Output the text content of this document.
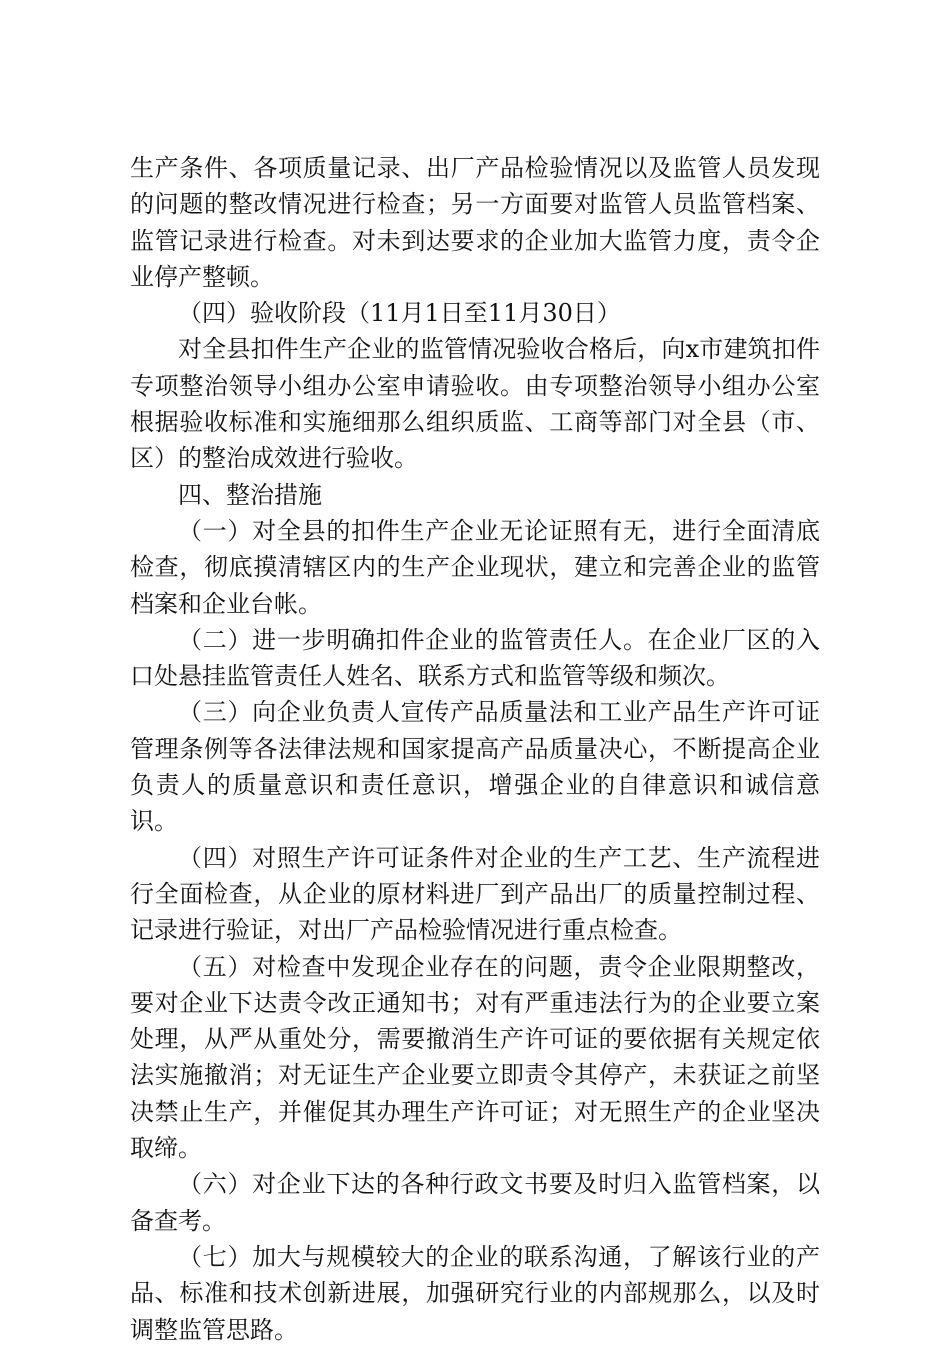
生产条件、各项质量记录、出厂产品检验情况以及监管人员发现的问题的整改情况进行检查；另一方面要对监管人员监管档案、监管记录进行检查。对未到达要求的企业加大监管力度，责令企业停产整顿。

（四）验收阶段（11月1日至11月30日）

对全县扣件生产企业的监管情况验收合格后，向x市建筑扣件专项整治领导小组办公室申请验收。由专项整治领导小组办公室根据验收标准和实施细那么组织质监、工商等部门对全县（市、区）的整治成效进行验收。

四、整治措施

（一）对全县的扣件生产企业无论证照有无，进行全面清底检查，彻底摸清辖区内的生产企业现状，建立和完善企业的监管档案和企业台帐。

（二）进一步明确扣件企业的监管责任人。在企业厂区的入口处悬挂监管责任人姓名、联系方式和监管等级和频次。

（三）向企业负责人宣传产品质量法和工业产品生产许可证管理条例等各法律法规和国家提高产品质量决心，不断提高企业负责人的质量意识和责任意识，增强企业的自律意识和诚信意识。

（四）对照生产许可证条件对企业的生产工艺、生产流程进行全面检查，从企业的原材料进厂到产品出厂的质量控制过程、记录进行验证，对出厂产品检验情况进行重点检查。

（五）对检查中发现企业存在的问题，责令企业限期整改，要对企业下达责令改正通知书；对有严重违法行为的企业要立案处理，从严从重处分，需要撤消生产许可证的要依据有关规定依法实施撤消；对无证生产企业要立即责令其停产，未获证之前坚决禁止生产，并催促其办理生产许可证；对无照生产的企业坚决取缔。

（六）对企业下达的各种行政文书要及时归入监管档案，以备查考。

（七）加大与规模较大的企业的联系沟通，了解该行业的产品、标准和技术创新进展，加强研究行业的内部规那么，以及时调整监管思路。
